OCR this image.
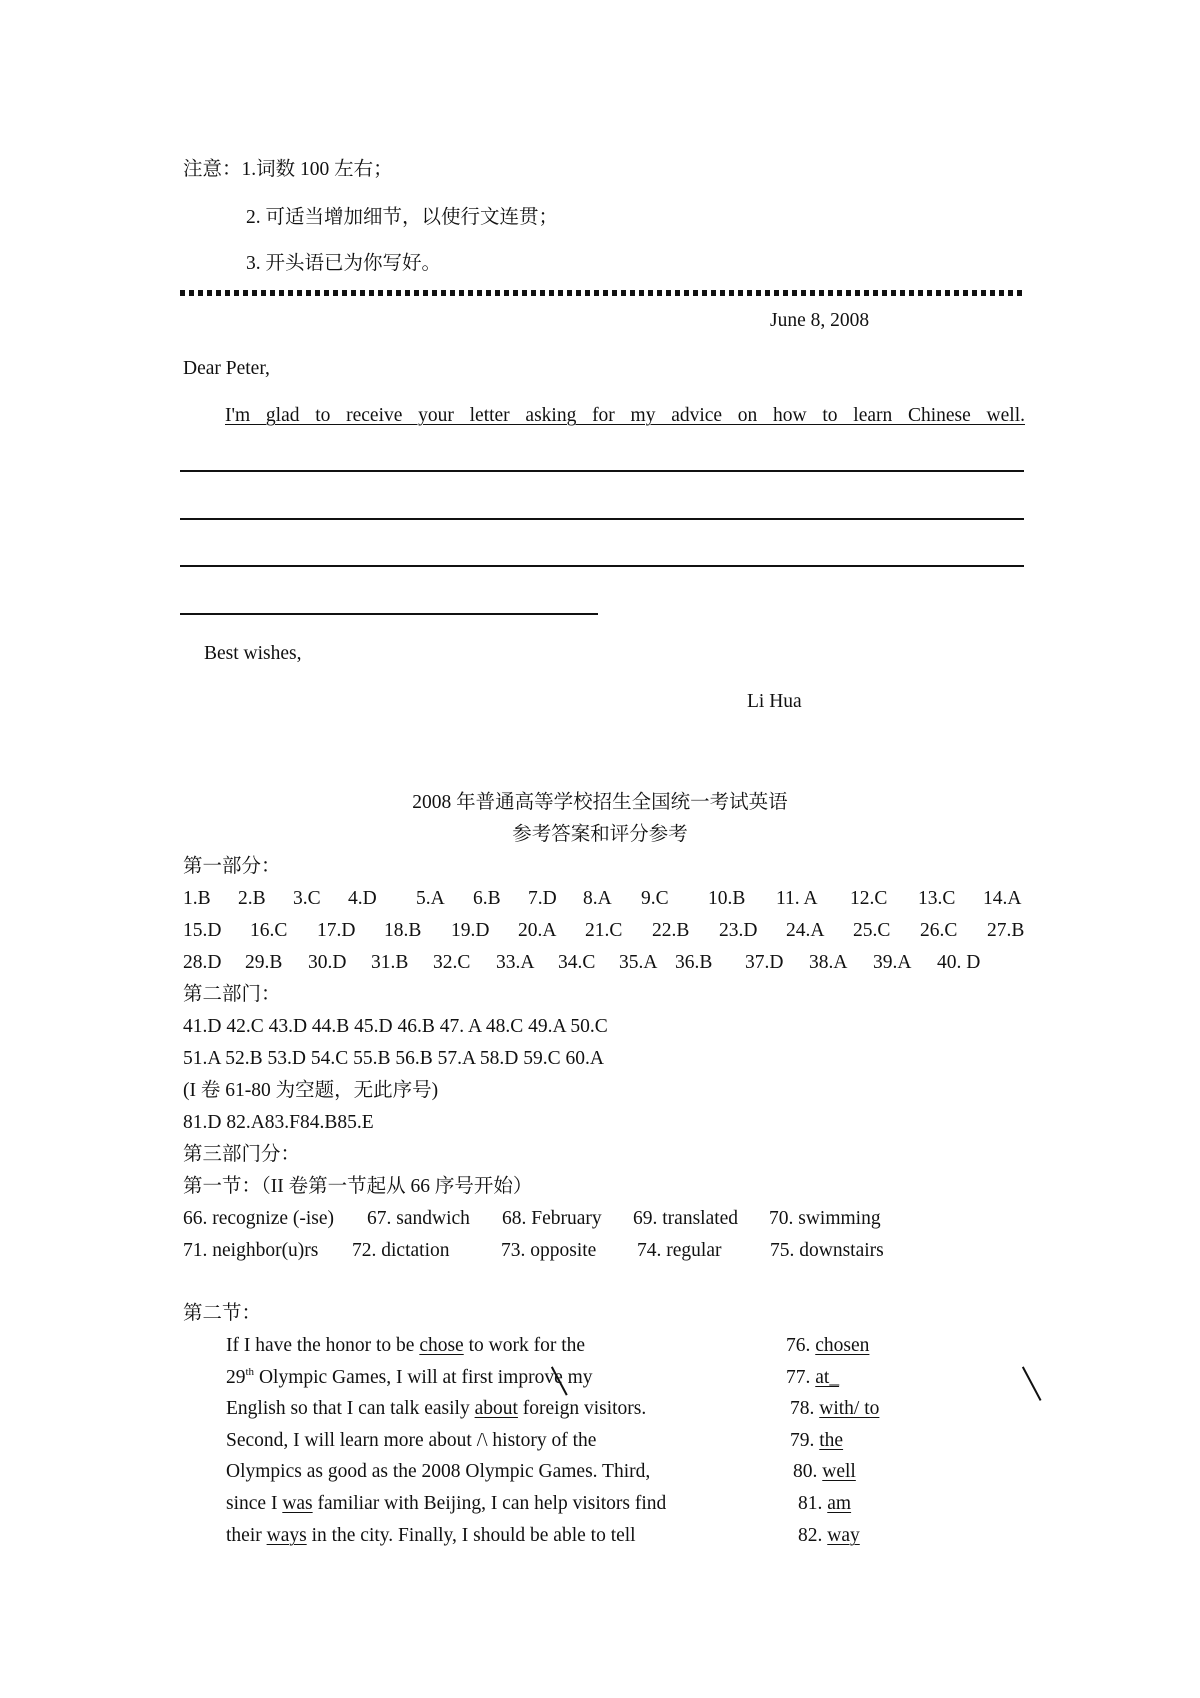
注意：1.词数 100 左右；
2. 可适当增加细节，以使行文连贯；
3. 开头语已为你写好。
June 8, 2008
Dear Peter,
I'm glad to receive your letter asking for my advice on how to learn Chinese well.
Best wishes,
Li Hua
2008 年普通高等学校招生全国统一考试英语
参考答案和评分参考
第一部分：
1.B 2.B 3.C 4.D 5.A 6.B 7.D 8.A 9.C 10.B 11. A 12.C 13.C 14.A
15.D 16.C 17.D 18.B 19.D 20.A 21.C 22.B 23.D 24.A 25.C 26.C 27.B
28.D 29.B 30.D 31.B 32.C 33.A 34.C 35.A 36.B 37.D 38.A 39.A 40. D
第二部门：
41.D 42.C 43.D 44.B 45.D 46.B 47. A 48.C 49.A 50.C
51.A 52.B 53.D 54.C 55.B 56.B 57.A 58.D 59.C 60.A
(I 卷 61-80 为空题，无此序号)
81.D 82.A83.F84.B85.E
第三部门分：
第一节：（II 卷第一节起从 66 序号开始）
66. recognize (-ise) 67. sandwich 68. February 69. translated 70. swimming
71. neighbor(u)rs 72. dictation	73. opposite 74. regular 75. downstairs
第二节：
If I have the honor to be chose to work for the	76. chosen
29th Olympic Games, I will at first improve my	77. at_
English so that I can talk easily about foreign visitors.	78. with/ to
Second, I will learn more about /\ history of the	79. the
Olympics as good as the 2008 Olympic Games. Third,	80. well
since I was familiar with Beijing, I can help visitors find	81. am
their ways in the city. Finally, I should be able to tell	82. way
